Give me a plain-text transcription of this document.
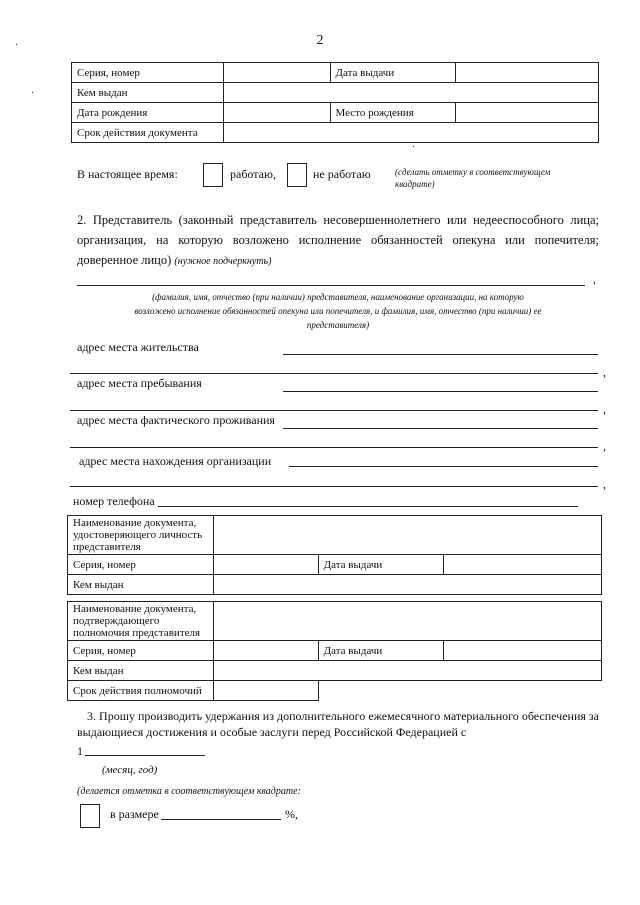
2
·
·
·
Серия, номер		Дата выдачи	
Кем выдан			
Дата рождения		Место рождения	
Срок действия документа			
В настоящее время:	работаю,	не работаю	(сделать отметку в соответствующем
квадрате)
2. Представитель (законный представитель несовершеннолетнего или недееспособного лица; организация, на которую возложено исполнение обязанностей опекуна или попечителя; доверенное лицо) (нужное подчеркнуть)
,
(фамилия, имя, отчество (при наличии) представителя, наименование организации, на которую
возложено исполнение обязанностей опекуна или попечителя, и фамилия, имя, отчество (при наличии) ее
представителя)
адрес места жительства
,
адрес места пребывания
,
адрес места фактического проживания
,
адрес места нахождения организации
,
номер телефона
Наименование документа, удостоверяющего личность представителя			
Серия, номер		Дата выдачи	
Кем выдан			
Наименование документа, подтверждающего полномочия представителя			
Серия, номер		Дата выдачи	
Кем выдан			
Срок действия полномочий			
3. Прошу производить удержания из дополнительного ежемесячного материального обеспечения за выдающиеся достижения и особые заслуги перед Российской Федерацией с
1
(месяц, год)
(делается отметка в соответствующем квадрате:
в размере	%,
